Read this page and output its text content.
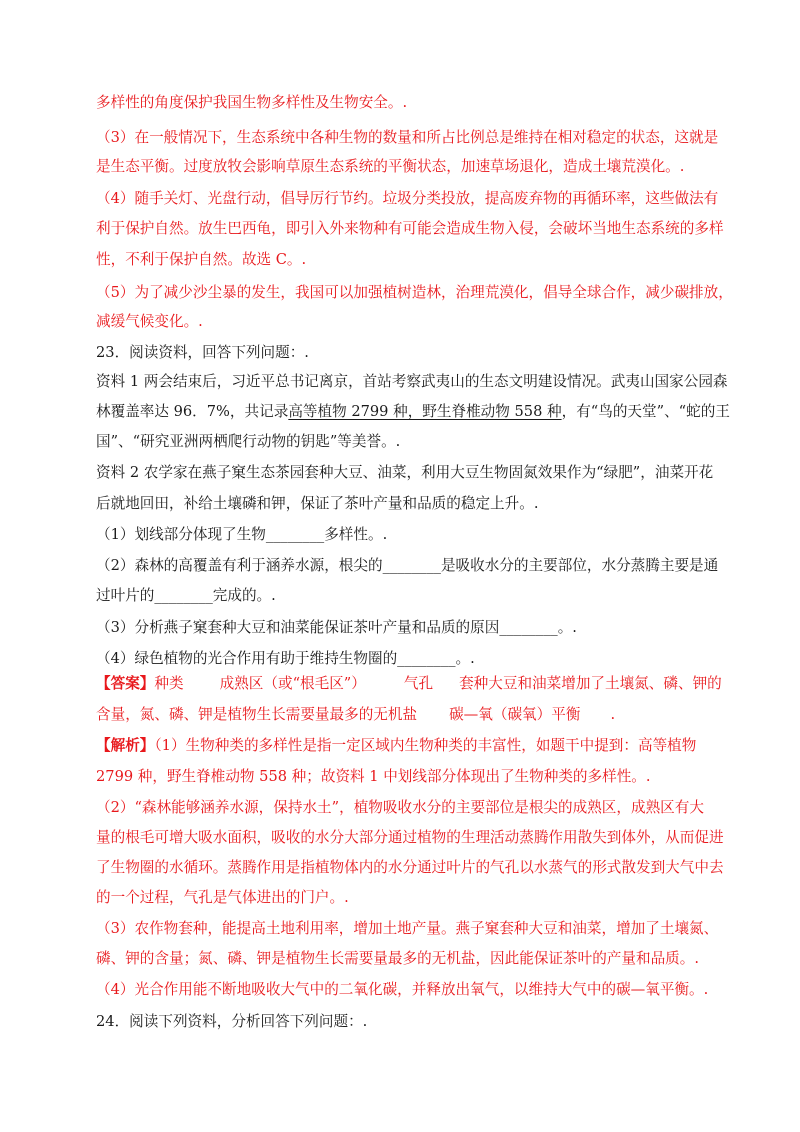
多样性的角度保护我国生物多样性及生物安全。.
（3）在一般情况下，生态系统中各种生物的数量和所占比例总是维持在相对稳定的状态，这就是
是生态平衡。过度放牧会影响草原生态系统的平衡状态，加速草场退化，造成土壤荒漠化。.
（4）随手关灯、光盘行动，倡导厉行节约。垃圾分类投放，提高废弃物的再循环率，这些做法有
利于保护自然。放生巴西龟，即引入外来物种有可能会造成生物入侵，会破坏当地生态系统的多样
性，不利于保护自然。故选 C。.
（5）为了减少沙尘暴的发生，我国可以加强植树造林，治理荒漠化，倡导全球合作，减少碳排放，
减缓气候变化。.
23．阅读资料，回答下列问题：.
资料 1 两会结束后，习近平总书记离京，首站考察武夷山的生态文明建设情况。武夷山国家公园森
林覆盖率达 96．7%，共记录高等植物 2799 种，野生脊椎动物 558 种，有“鸟的天堂”、“蛇的王
国”、“研究亚洲两栖爬行动物的钥匙”等美誉。.
资料 2 农学家在燕子窠生态茶园套种大豆、油菜，利用大豆生物固氮效果作为“绿肥”，油菜开花
后就地回田，补给土壤磷和钾，保证了茶叶产量和品质的稳定上升。.
（1）划线部分体现了生物________多样性。.
（2）森林的高覆盖有利于涵养水源，根尖的________是吸收水分的主要部位，水分蒸腾主要是通
过叶片的________完成的。.
（3）分析燕子窠套种大豆和油菜能保证茶叶产量和品质的原因________。.
（4）绿色植物的光合作用有助于维持生物圈的________。.
【答案】种类 成熟区（或“根毛区”）	气孔 套种大豆和油菜增加了土壤氮、磷、钾的
含量，氮、磷、钾是植物生长需要量最多的无机盐 碳—氧（碳氧）平衡 .
【解析】（1）生物种类的多样性是指一定区域内生物种类的丰富性，如题干中提到：高等植物
2799 种，野生脊椎动物 558 种；故资料 1 中划线部分体现出了生物种类的多样性。.
（2）“森林能够涵养水源，保持水土”，植物吸收水分的主要部位是根尖的成熟区，成熟区有大
量的根毛可增大吸水面积，吸收的水分大部分通过植物的生理活动蒸腾作用散失到体外，从而促进
了生物圈的水循环。蒸腾作用是指植物体内的水分通过叶片的气孔以水蒸气的形式散发到大气中去
的一个过程，气孔是气体进出的门户。.
（3）农作物套种，能提高土地利用率，增加土地产量。燕子窠套种大豆和油菜，增加了土壤氮、
磷、钾的含量；氮、磷、钾是植物生长需要量最多的无机盐，因此能保证茶叶的产量和品质。.
（4）光合作用能不断地吸收大气中的二氧化碳，并释放出氧气，以维持大气中的碳—氧平衡。.
24．阅读下列资料，分析回答下列问题：.
